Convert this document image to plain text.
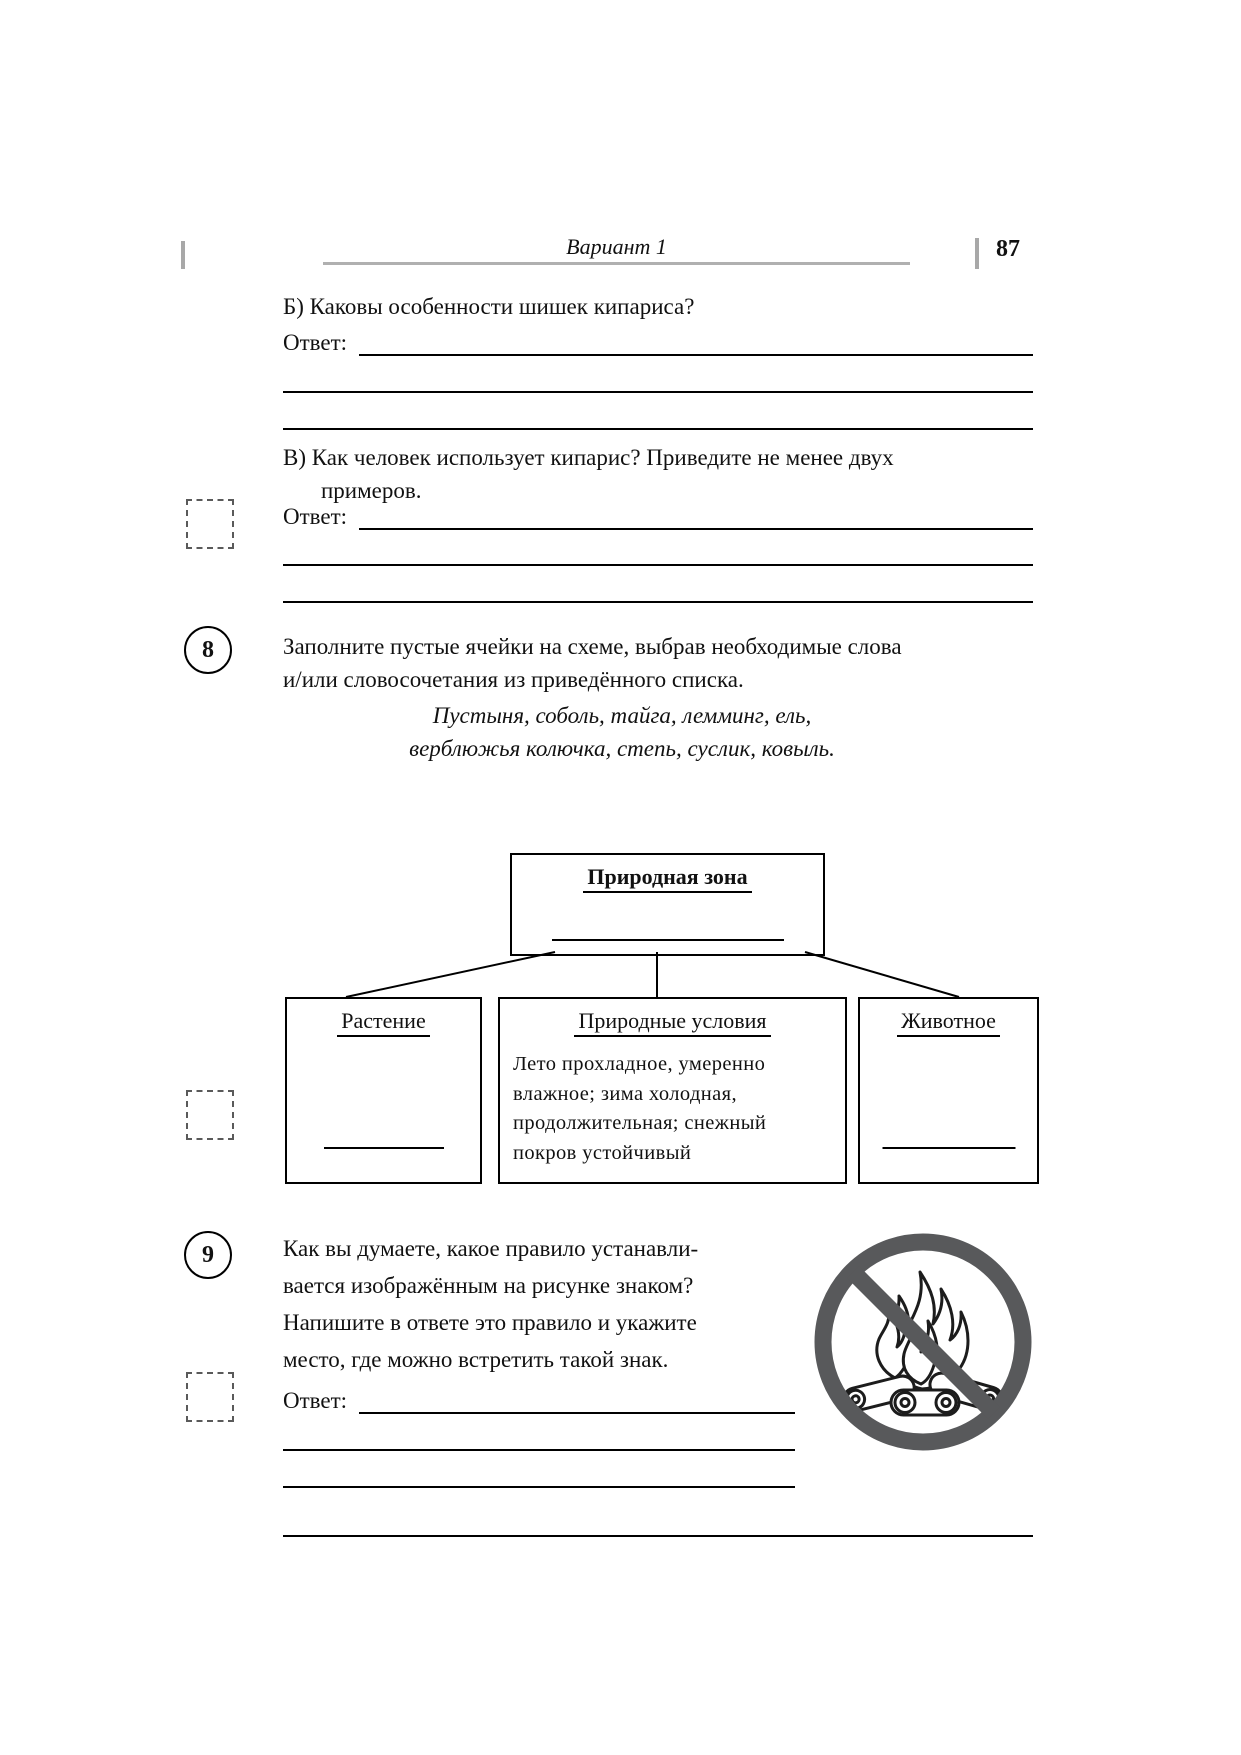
Вариант 1	87
Б) Каковы особенности шишек кипариса?
Ответ:
В) Как человек использует кипарис? Приведите не менее двух
примеров.
Ответ:
8	Заполните пустые ячейки на схеме, выбрав необходимые слова
и/или словосочетания из приведённого списка.
Пустыня, соболь, тайга, лемминг, ель,
верблюжья колючка, степь, суслик, ковыль.
Природная зона
Растение	Природные условия
Лето прохладное, умеренно
влажное; зима холодная,
продолжительная; снежный
покров устойчивый
Животное
9	Как вы думаете, какое правило устанавли-
вается изображённым на рисунке знаком?
Напишите в ответе это правило и укажите
место, где можно встретить такой знак.
Ответ:
